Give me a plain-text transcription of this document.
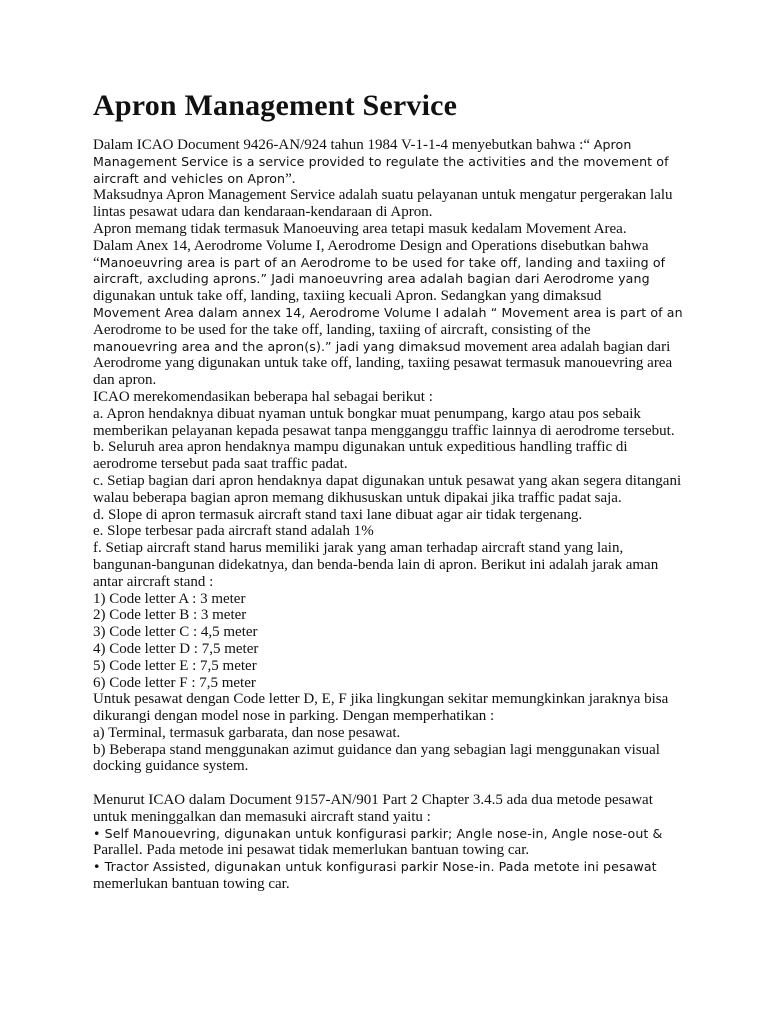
Apron Management Service

Dalam ICAO Document 9426-AN/924 tahun 1984 V-1-1-4 menyebutkan bahwa :“ Apron Management Service is a service provided to regulate the activities and the movement of aircraft and vehicles on Apron”.

Maksudnya Apron Management Service adalah suatu pelayanan untuk mengatur pergerakan lalu lintas pesawat udara dan kendaraan-kendaraan di Apron.

Apron memang tidak termasuk Manoeuving area tetapi masuk kedalam Movement Area.

Dalam Anex 14, Aerodrome Volume I, Aerodrome Design and Operations disebutkan bahwa “Manoeuvring area is part of an Aerodrome to be used for take off, landing and taxiing of aircraft, axcluding aprons.” Jadi manoeuvring area adalah bagian dari Aerodrome yang digunakan untuk take off, landing, taxiing kecuali Apron. Sedangkan yang dimaksud
Movement Area dalam annex 14, Aerodrome Volume I adalah “ Movement area is part of an Aerodrome to be used for the take off, landing, taxiing of aircraft, consisting of the
manouevring area and the apron(s).” jadi yang dimaksud movement area adalah bagian dari Aerodrome yang digunakan untuk take off, landing, taxiing pesawat termasuk manouevring area dan apron.

ICAO merekomendasikan beberapa hal sebagai berikut :

a. Apron hendaknya dibuat nyaman untuk bongkar muat penumpang, kargo atau pos sebaik memberikan pelayanan kepada pesawat tanpa mengganggu traffic lainnya di aerodrome tersebut.

b. Seluruh area apron hendaknya mampu digunakan untuk expeditious handling traffic di aerodrome tersebut pada saat traffic padat.

c. Setiap bagian dari apron hendaknya dapat digunakan untuk pesawat yang akan segera ditangani walau beberapa bagian apron memang dikhususkan untuk dipakai jika traffic padat saja.

d. Slope di apron termasuk aircraft stand taxi lane dibuat agar air tidak tergenang.

e. Slope terbesar pada aircraft stand adalah 1%

f. Setiap aircraft stand harus memiliki jarak yang aman terhadap aircraft stand yang lain, bangunan-bangunan didekatnya, dan benda-benda lain di apron. Berikut ini adalah jarak aman antar aircraft stand :

1) Code letter A : 3 meter

2) Code letter B : 3 meter

3) Code letter C : 4,5 meter

4) Code letter D : 7,5 meter

5) Code letter E : 7,5 meter

6) Code letter F : 7,5 meter

Untuk pesawat dengan Code letter D, E, F jika lingkungan sekitar memungkinkan jaraknya bisa dikurangi dengan model nose in parking. Dengan memperhatikan :

a) Terminal, termasuk garbarata, dan nose pesawat.

b) Beberapa stand menggunakan azimut guidance dan yang sebagian lagi menggunakan visual docking guidance system.

Menurut ICAO dalam Document 9157-AN/901 Part 2 Chapter 3.4.5 ada dua metode pesawat untuk meninggalkan dan memasuki aircraft stand yaitu :

• Self Manouevring, digunakan untuk konfigurasi parkir; Angle nose-in, Angle nose-out & Parallel. Pada metode ini pesawat tidak memerlukan bantuan towing car.

• Tractor Assisted, digunakan untuk konfigurasi parkir Nose-in. Pada metote ini pesawat memerlukan bantuan towing car.
